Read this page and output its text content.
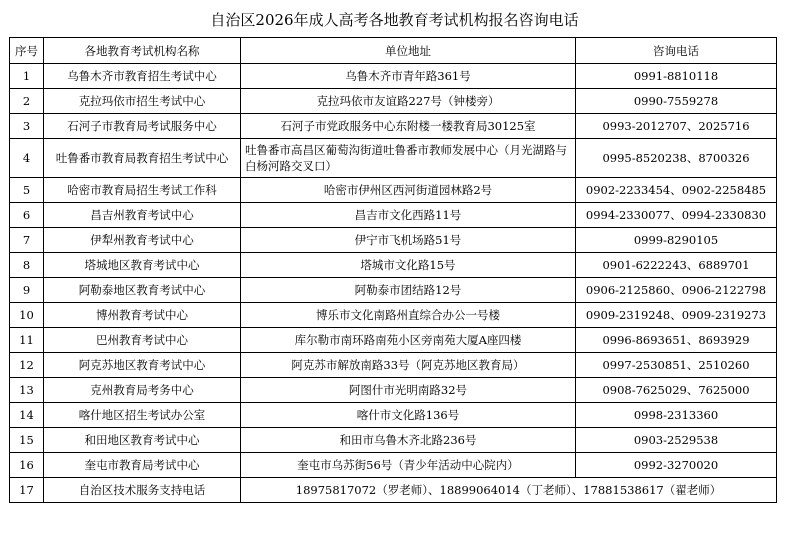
自治区2026年成人高考各地教育考试机构报名咨询电话
序号	各地教育考试机构名称	单位地址	咨询电话
1	乌鲁木齐市教育招生考试中心	乌鲁木齐市青年路361号	0991-8810118
2	克拉玛依市招生考试中心	克拉玛依市友谊路227号（钟楼旁）	0990-7559278
3	石河子市教育局考试服务中心	石河子市党政服务中心东附楼一楼教育局30125室	0993-2012707、2025716
4	吐鲁番市教育局教育招生考试中心	吐鲁番市高昌区葡萄沟街道吐鲁番市教师发展中心（月光湖路与白杨河路交叉口）	0995-8520238、8700326
5	哈密市教育局招生考试工作科	哈密市伊州区西河街道园林路2号	0902-2233454、0902-2258485
6	昌吉州教育考试中心	昌吉市文化西路11号	0994-2330077、0994-2330830
7	伊犁州教育考试中心	伊宁市飞机场路51号	0999-8290105
8	塔城地区教育考试中心	塔城市文化路15号	0901-6222243、6889701
9	阿勒泰地区教育考试中心	阿勒泰市团结路12号	0906-2125860、0906-2122798
10	博州教育考试中心	博乐市文化南路州直综合办公一号楼	0909-2319248、0909-2319273
11	巴州教育考试中心	库尔勒市南环路南苑小区旁南苑大厦A座四楼	0996-8693651、8693929
12	阿克苏地区教育考试中心	阿克苏市解放南路33号（阿克苏地区教育局）	0997-2530851、2510260
13	克州教育局考务中心	阿图什市光明南路32号	0908-7625029、7625000
14	喀什地区招生考试办公室	喀什市文化路136号	0998-2313360
15	和田地区教育考试中心	和田市乌鲁木齐北路236号	0903-2529538
16	奎屯市教育局考试中心	奎屯市乌苏街56号（青少年活动中心院内）	0992-3270020
17	自治区技术服务支持电话	18975817072（罗老师）、18899064014（丁老师）、17881538617（翟老师）	
